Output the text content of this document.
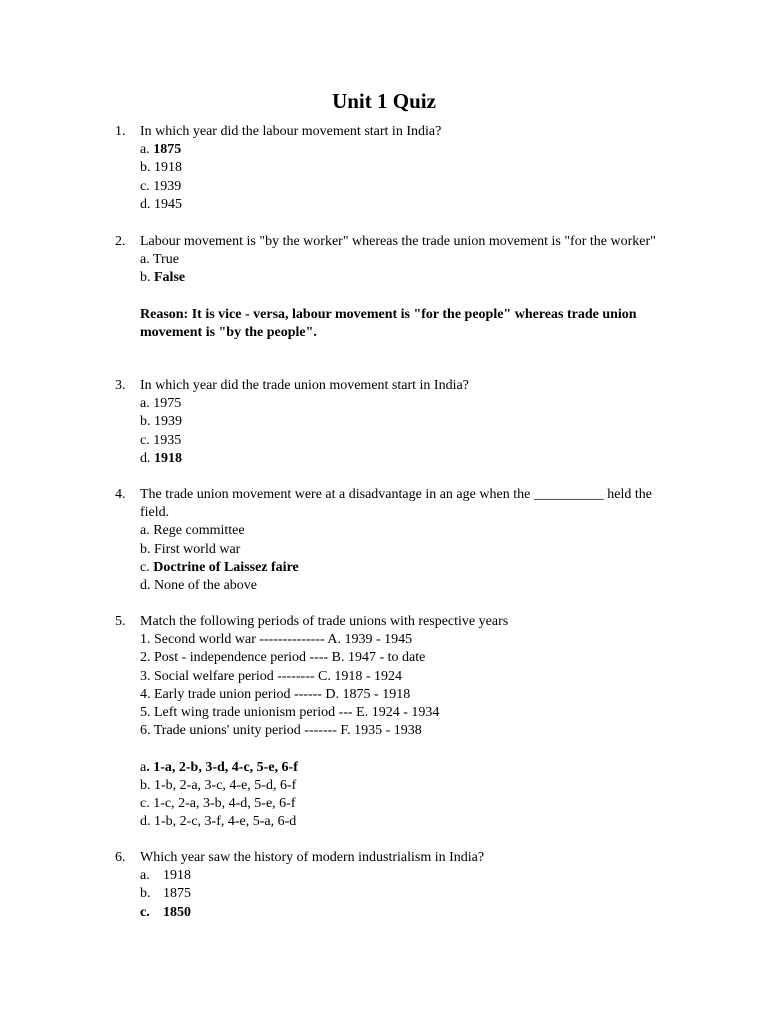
Unit 1 Quiz
1.	In which year did the labour movement start in India?
a. 1875
b. 1918
c. 1939
d. 1945
2.	Labour movement is "by the worker" whereas the trade union movement is "for the worker"
a. True
b. False
Reason: It is vice - versa, labour movement is "for the people" whereas trade union movement is "by the people".
3.	In which year did the trade union movement start in India?
a. 1975
b. 1939
c. 1935
d. 1918
4.	The trade union movement were at a disadvantage in an age when the __________ held the field.
a. Rege committee
b. First world war
c. Doctrine of Laissez faire
d. None of the above
5.	Match the following periods of trade unions with respective years
1. Second world war -------------- A. 1939 - 1945
2. Post - independence period ---- B. 1947 - to date
3. Social welfare period -------- C. 1918 - 1924
4. Early trade union period ------ D. 1875 - 1918
5. Left wing trade unionism period --- E. 1924 - 1934
6. Trade unions' unity period ------- F. 1935 - 1938
a. 1-a, 2-b, 3-d, 4-c, 5-e, 6-f
b. 1-b, 2-a, 3-c, 4-e, 5-d, 6-f
c. 1-c, 2-a, 3-b, 4-d, 5-e, 6-f
d. 1-b, 2-c, 3-f, 4-e, 5-a, 6-d
6.	Which year saw the history of modern industrialism in India?
a. 1918
b. 1875
c. 1850
